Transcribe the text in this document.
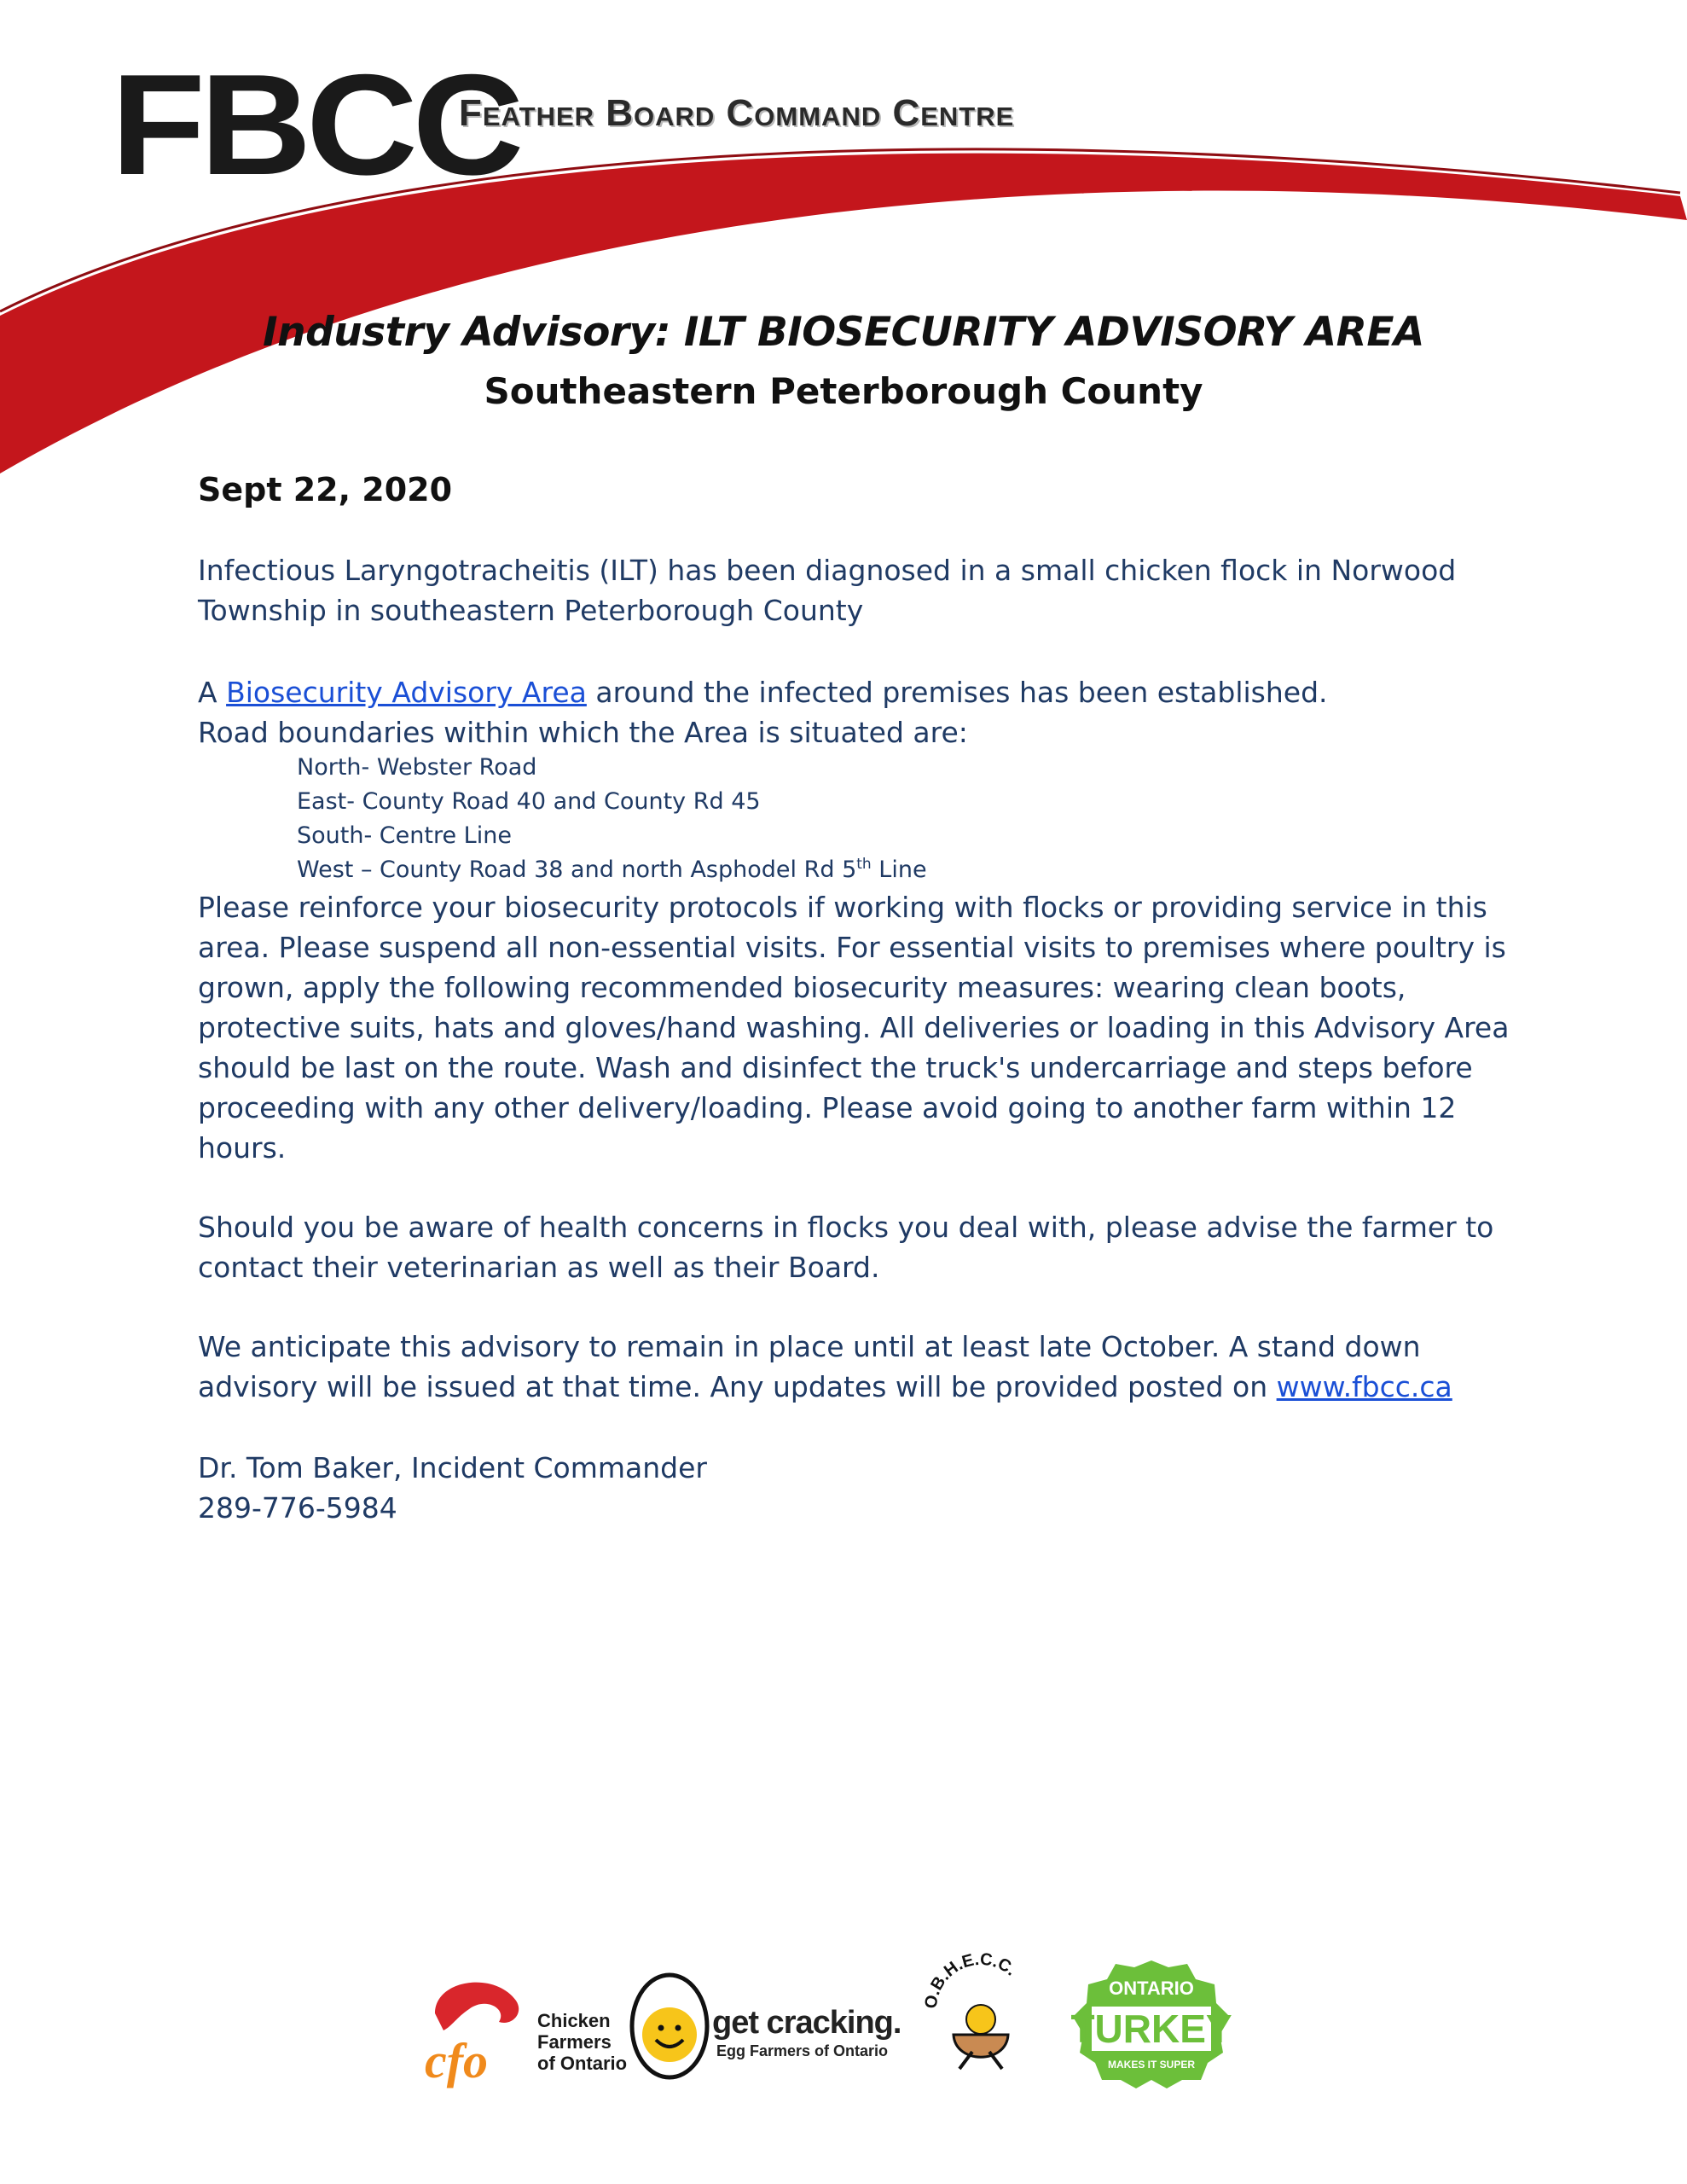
FBCC
Feather Board Command Centre
Industry Advisory: ILT BIOSECURITY ADVISORY AREA
Southeastern Peterborough County
Sept 22, 2020
Infectious Laryngotracheitis (ILT) has been diagnosed in a small chicken flock in Norwood Township in southeastern Peterborough County
A Biosecurity Advisory Area around the infected premises has been established.
Road boundaries within which the Area is situated are:
North- Webster Road
East- County Road 40 and County Rd 45
South- Centre Line
West – County Road 38 and north Asphodel Rd 5th Line
Please reinforce your biosecurity protocols if working with flocks or providing service in this area. Please suspend all non-essential visits. For essential visits to premises where poultry is grown, apply the following recommended biosecurity measures: wearing clean boots, protective suits, hats and gloves/hand washing. All deliveries or loading in this Advisory Area should be last on the route. Wash and disinfect the truck's undercarriage and steps before proceeding with any other delivery/loading. Please avoid going to another farm within 12 hours.
Should you be aware of health concerns in flocks you deal with, please advise the farmer to contact their veterinarian as well as their Board.
We anticipate this advisory to remain in place until at least late October. A stand down advisory will be issued at that time. Any updates will be provided posted on www.fbcc.ca
Dr. Tom Baker, Incident Commander
289-776-5984
cfo
Chicken
Farmers
of Ontario
get cracking.
Egg Farmers of Ontario
O.B.H.E.C.C.
ONTARIO
TURKEY
MAKES IT SUPER
